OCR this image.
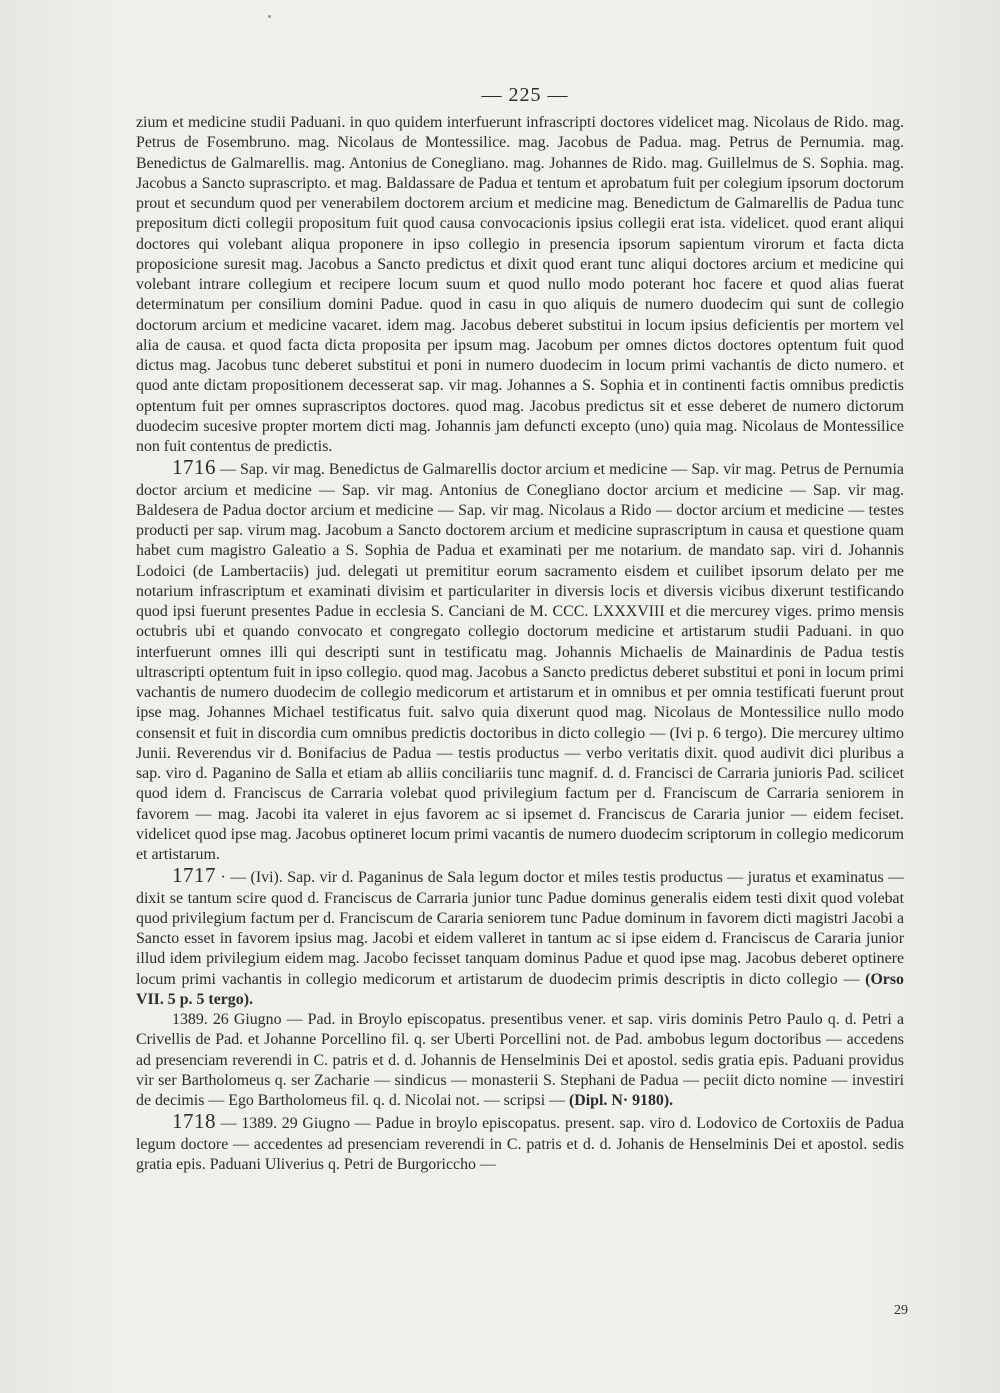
— 225 —

zium et medicine studii Paduani. in quo quidem interfuerunt infrascripti doctores videlicet mag. Nicolaus de Rido. mag. Petrus de Fosembruno. mag. Nicolaus de Montessilice. mag. Jacobus de Padua. mag. Petrus de Pernumia. mag. Benedictus de Galmarellis. mag. Antonius de Conegliano. mag. Johannes de Rido. mag. Guillelmus de S. Sophia. mag. Jacobus a Sancto suprascripto. et mag. Baldassare de Padua et tentum et aprobatum fuit per colegium ipsorum doctorum prout et secundum quod per venerabilem doctorem arcium et medicine mag. Benedictum de Galmarellis de Padua tunc prepositum dicti collegii propositum fuit quod causa convocacionis ipsius collegii erat ista. videlicet. quod erant aliqui doctores qui volebant aliqua proponere in ipso collegio in presencia ipsorum sapientum virorum et facta dicta proposicione suresit mag. Jacobus a Sancto predictus et dixit quod erant tunc aliqui doctores arcium et medicine qui volebant intrare collegium et recipere locum suum et quod nullo modo poterant hoc facere et quod alias fuerat determinatum per consilium domini Padue. quod in casu in quo aliquis de numero duodecim qui sunt de collegio doctorum arcium et medicine vacaret. idem mag. Jacobus deberet substitui in locum ipsius deficientis per mortem vel alia de causa. et quod facta dicta proposita per ipsum mag. Jacobum per omnes dictos doctores optentum fuit quod dictus mag. Jacobus tunc deberet substitui et poni in numero duodecim in locum primi vachantis de dicto numero. et quod ante dictam propositionem decesserat sap. vir mag. Johannes a S. Sophia et in continenti factis omnibus predictis optentum fuit per omnes suprascriptos doctores. quod mag. Jacobus predictus sit et esse deberet de numero dictorum duodecim sucesive propter mortem dicti mag. Johannis jam defuncti excepto (uno) quia mag. Nicolaus de Montessilice non fuit contentus de predictis.

1716 — Sap. vir mag. Benedictus de Galmarellis doctor arcium et medicine — Sap. vir mag. Petrus de Pernumia doctor arcium et medicine — Sap. vir mag. Antonius de Conegliano doctor arcium et medicine — Sap. vir mag. Baldesera de Padua doctor arcium et medicine — Sap. vir mag. Nicolaus a Rido — doctor arcium et medicine — testes producti per sap. virum mag. Jacobum a Sancto doctorem arcium et medicine suprascriptum in causa et questione quam habet cum magistro Galeatio a S. Sophia de Padua et examinati per me notarium. de mandato sap. viri d. Johannis Lodoici (de Lambertaciis) jud. delegati ut premititur eorum sacramento eisdem et cuilibet ipsorum delato per me notarium infrascriptum et examinati divisim et particulariter in diversis locis et diversis vicibus dixerunt testificando quod ipsi fuerunt presentes Padue in ecclesia S. Canciani de M. CCC. LXXXVIII et die mercurey viges. primo mensis octubris ubi et quando convocato et congregato collegio doctorum medicine et artistarum studii Paduani. in quo interfuerunt omnes illi qui descripti sunt in testificatu mag. Johannis Michaelis de Mainardinis de Padua testis ultrascripti optentum fuit in ipso collegio. quod mag. Jacobus a Sancto predictus deberet substitui et poni in locum primi vachantis de numero duodecim de collegio medicorum et artistarum et in omnibus et per omnia testificati fuerunt prout ipse mag. Johannes Michael testificatus fuit. salvo quia dixerunt quod mag. Nicolaus de Montessilice nullo modo consensit et fuit in discordia cum omnibus predictis doctoribus in dicto collegio — (Ivi p. 6 tergo). Die mercurey ultimo Junii. Reverendus vir d. Bonifacius de Padua — testis productus — verbo veritatis dixit. quod audivit dici pluribus a sap. viro d. Paganino de Salla et etiam ab alliis conciliariis tunc magnif. d. d. Francisci de Carraria junioris Pad. scilicet quod idem d. Franciscus de Carraria volebat quod privilegium factum per d. Franciscum de Carraria seniorem in favorem — mag. Jacobi ita valeret in ejus favorem ac si ipsemet d. Franciscus de Cararia junior — eidem feciset. videlicet quod ipse mag. Jacobus optineret locum primi vacantis de numero duodecim scriptorum in collegio medicorum et artistarum.

1717 · — (Ivi). Sap. vir d. Paganinus de Sala legum doctor et miles testis productus — juratus et examinatus — dixit se tantum scire quod d. Franciscus de Carraria junior tunc Padue dominus generalis eidem testi dixit quod volebat quod privilegium factum per d. Franciscum de Cararia seniorem tunc Padue dominum in favorem dicti magistri Jacobi a Sancto esset in favorem ipsius mag. Jacobi et eidem valleret in tantum ac si ipse eidem d. Franciscus de Cararia junior illud idem privilegium eidem mag. Jacobo fecisset tanquam dominus Padue et quod ipse mag. Jacobus deberet optinere locum primi vachantis in collegio medicorum et artistarum de duodecim primis descriptis in dicto collegio — (Orso VII. 5 p. 5 tergo).

1389. 26 Giugno — Pad. in Broylo episcopatus. presentibus vener. et sap. viris dominis Petro Paulo q. d. Petri a Crivellis de Pad. et Johanne Porcellino fil. q. ser Uberti Porcellini not. de Pad. ambobus legum doctoribus — accedens ad presenciam reverendi in C. patris et d. d. Johannis de Henselminis Dei et apostol. sedis gratia epis. Paduani providus vir ser Bartholomeus q. ser Zacharie — sindicus — monasterii S. Stephani de Padua — peciit dicto nomine — investiri de decimis — Ego Bartholomeus fil. q. d. Nicolai not. — scripsi — (Dipl. N· 9180).

1718 — 1389. 29 Giugno — Padue in broylo episcopatus. present. sap. viro d. Lodovico de Cortoxiis de Padua legum doctore — accedentes ad presenciam reverendi in C. patris et d. d. Johanis de Henselminis Dei et apostol. sedis gratia epis. Paduani Uliverius q. Petri de Burgoriccho —

29
